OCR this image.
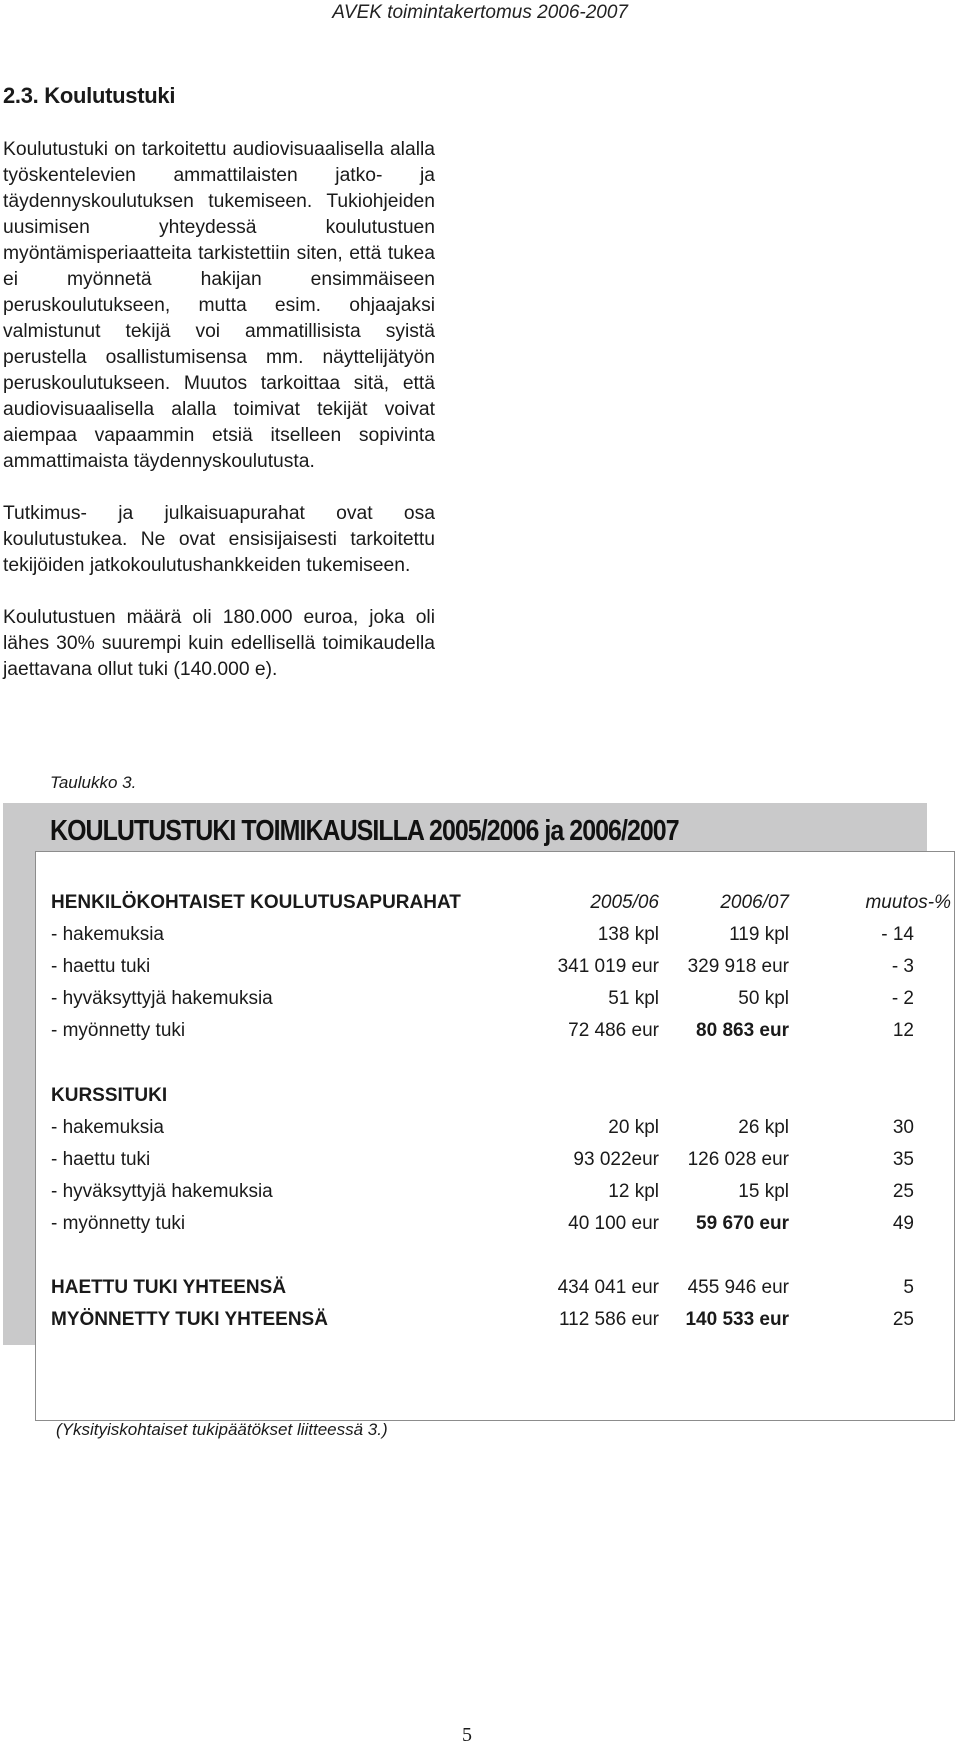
AVEK toimintakertomus 2006-2007
2.3. Koulutustuki

Koulutustuki on tarkoitettu audiovisuaalisella alalla työskentelevien ammattilaisten jatko- ja täydennyskoulutuksen tukemiseen. Tukiohjeiden uusimisen yhteydessä koulutustuen myöntämisperiaatteita tarkistettiin siten, että tukea ei myönnetä hakijan ensimmäiseen peruskoulutukseen, mutta esim. ohjaajaksi valmistunut tekijä voi ammatillisista syistä perustella osallistumisensa mm. näyttelijätyön peruskoulutukseen. Muutos tarkoittaa sitä, että audiovisuaalisella alalla toimivat tekijät voivat aiempaa vapaammin etsiä itselleen sopivinta ammattimaista täydennyskoulutusta.

Tutkimus- ja julkaisuapurahat ovat osa koulutustukea. Ne ovat ensisijaisesti tarkoitettu tekijöiden jatkokoulutushankkeiden tukemiseen.

Koulutustuen määrä oli 180.000 euroa, joka oli lähes 30% suurempi kuin edellisellä toimikaudella jaettavana ollut tuki (140.000 e).

Taulukko 3.
KOULUTUSTUKI TOIMIKAUSILLA 2005/2006 ja 2006/2007
HENKILÖKOHTAISET KOULUTUSAPURAHAT	2005/06	2006/07	muutos-%
- hakemuksia	138 kpl	119 kpl	- 14
- haettu tuki	341 019 eur 329 918 eur	- 3
- hyväksyttyjä hakemuksia	51 kpl	50 kpl	- 2
- myönnetty tuki	72 486 eur 80 863 eur	12
KURSSITUKI
- hakemuksia	20 kpl	26 kpl	30
- haettu tuki	93 022eur 126 028 eur	35
- hyväksyttyjä hakemuksia	12 kpl	15 kpl	25
- myönnetty tuki	40 100 eur 59 670 eur	49
HAETTU TUKI YHTEENSÄ	434 041 eur 455 946 eur	5
MYÖNNETTY TUKI YHTEENSÄ	112 586 eur 140 533 eur	25
(Yksityiskohtaiset tukipäätökset liitteessä 3.)
5
